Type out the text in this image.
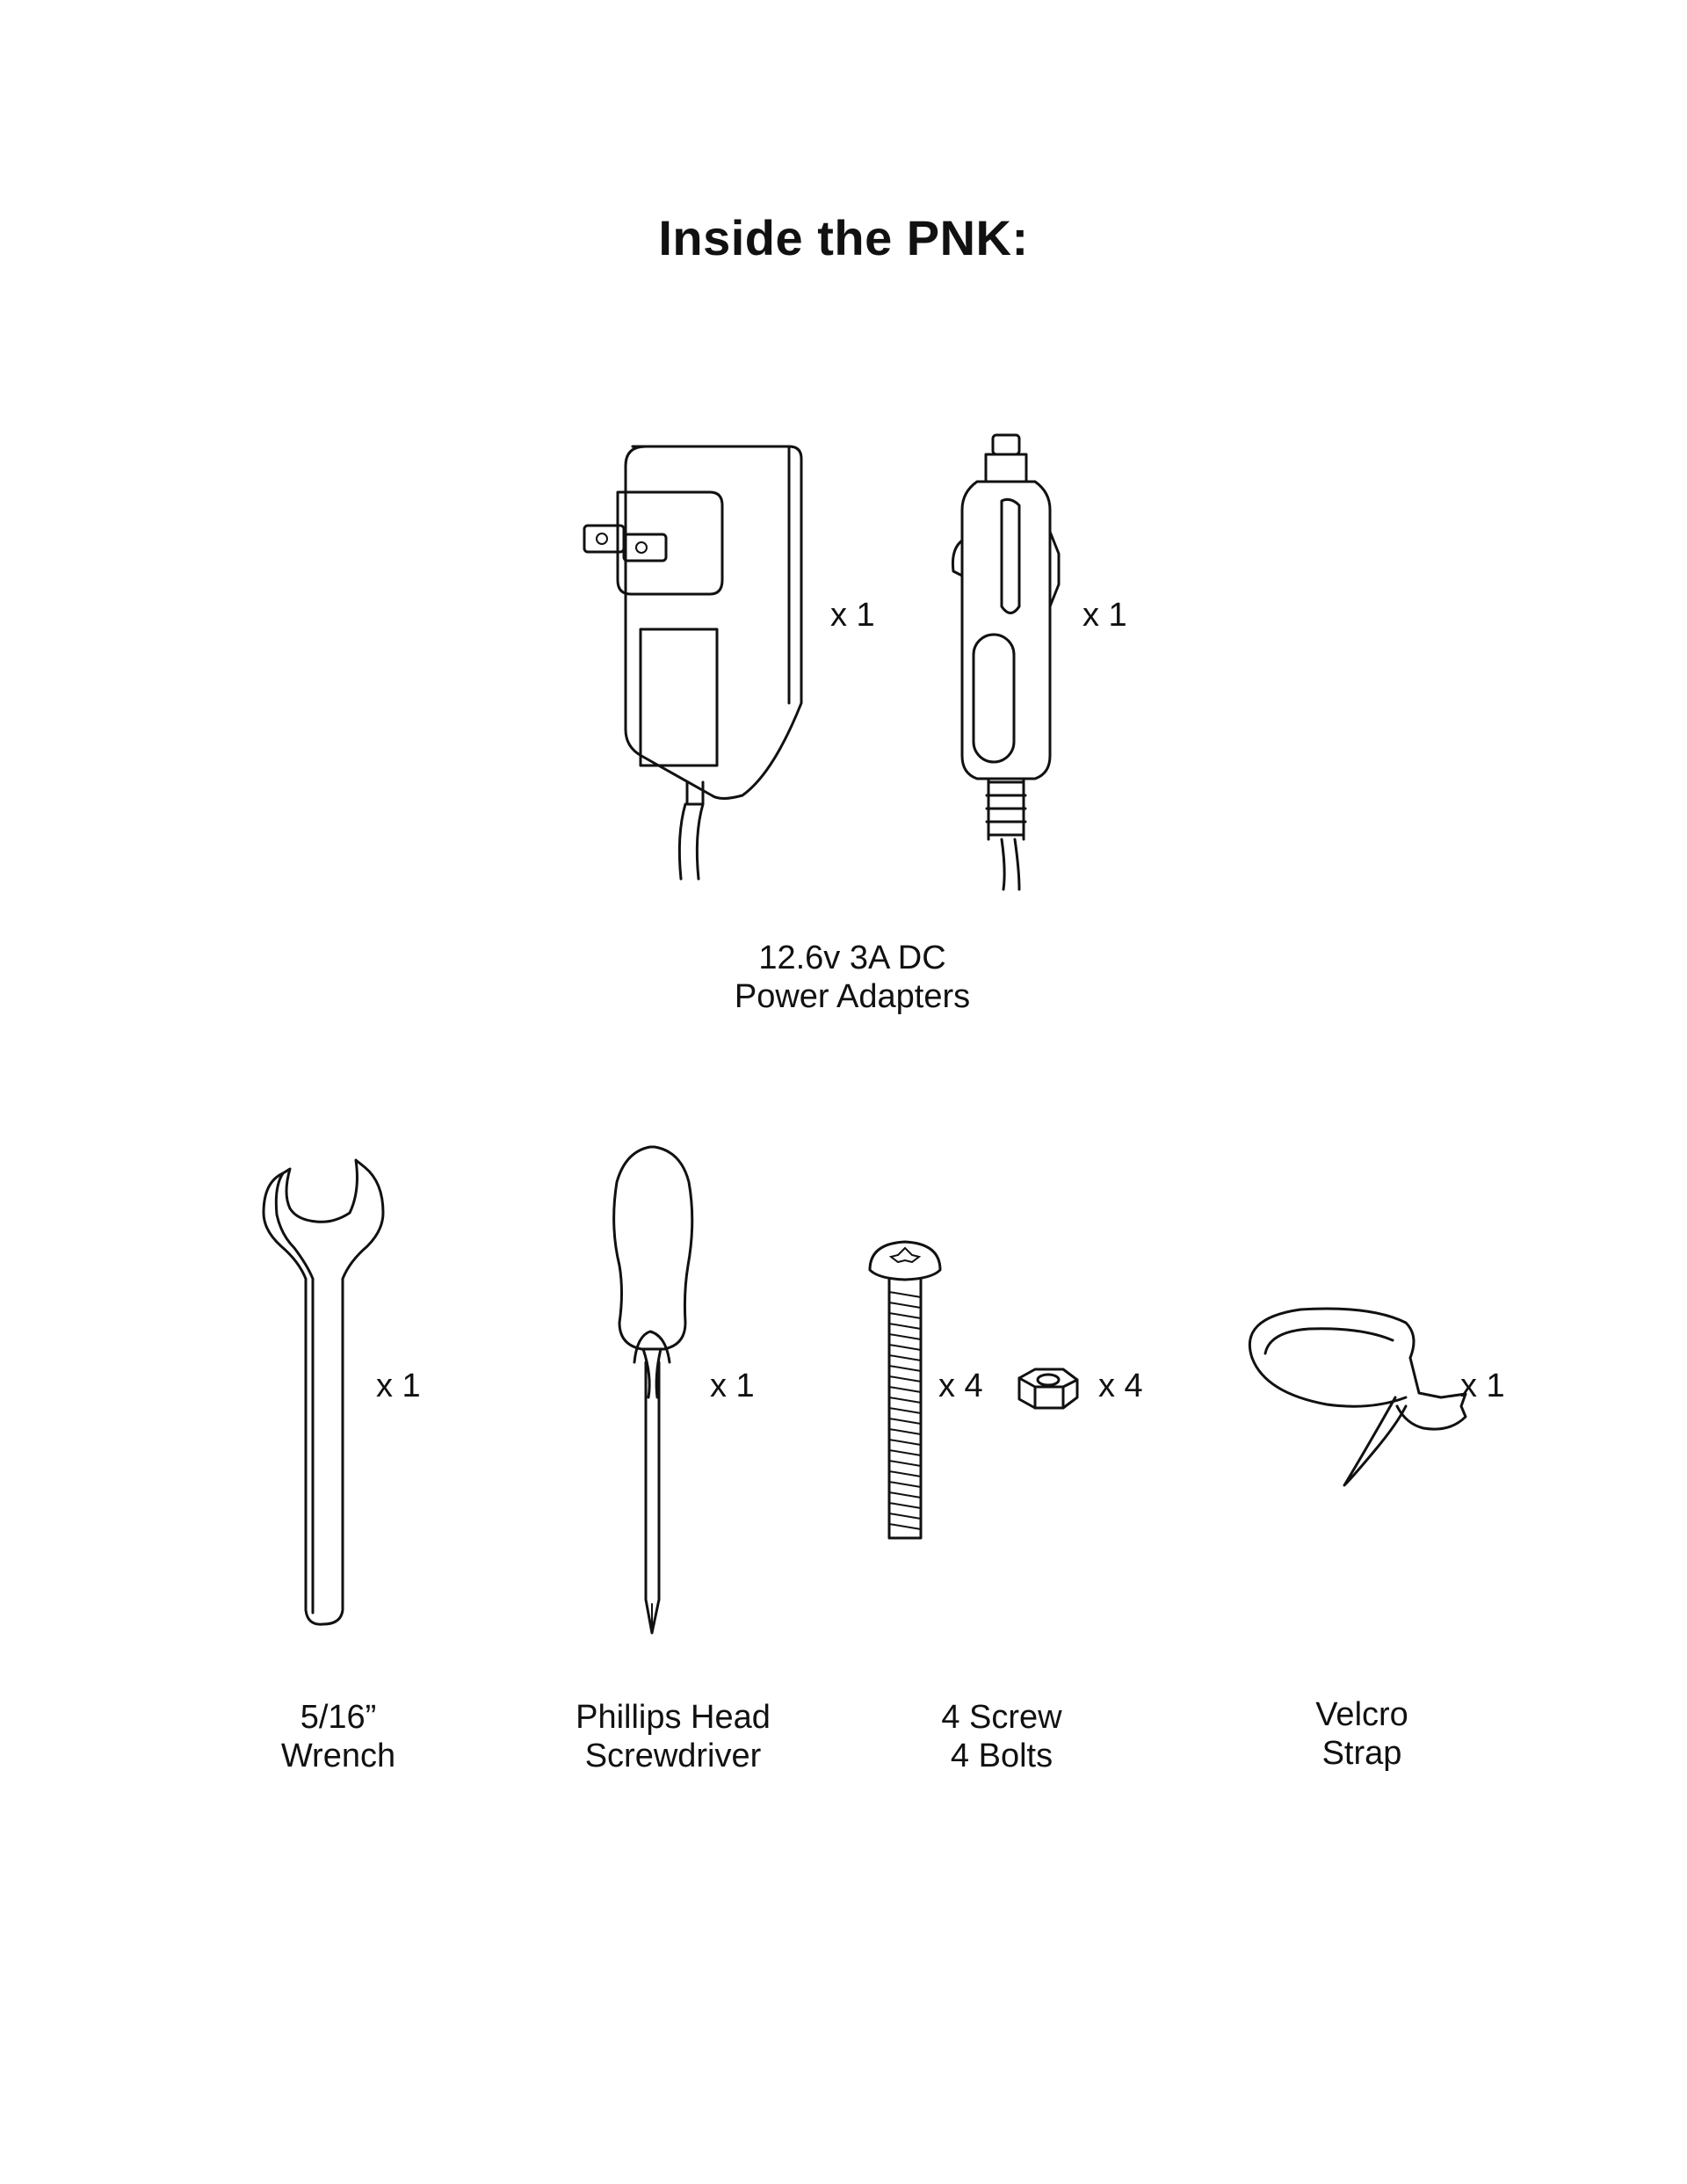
Inside the PNK:
x 1	x 1
12.6v 3A DC
Power Adapters
x 1	x 1	x 4	x 4	x 1
5/16”
Wrench
Phillips Head
Screwdriver
4 Screw
4 Bolts
Velcro
Strap
